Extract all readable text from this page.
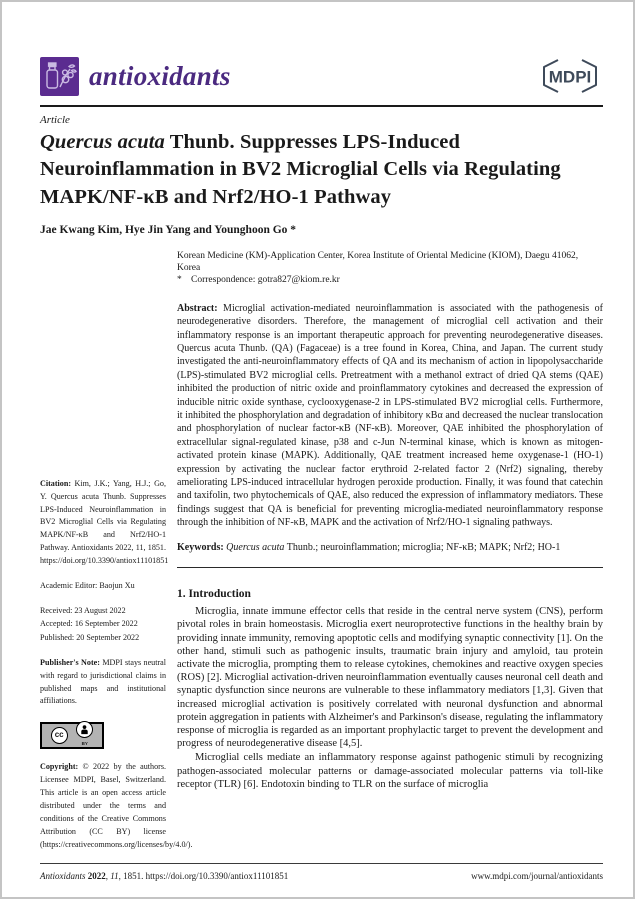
antioxidants	MDPI
Article
Quercus acuta Thunb. Suppresses LPS-Induced Neuroinflammation in BV2 Microglial Cells via Regulating MAPK/NF-κB and Nrf2/HO-1 Pathway
Jae Kwang Kim, Hye Jin Yang and Younghoon Go *
Citation: Kim, J.K.; Yang, H.J.; Go, Y. Quercus acuta Thunb. Suppresses LPS-Induced Neuroinflammation in BV2 Microglial Cells via Regulating MAPK/NF-κB and Nrf2/HO-1 Pathway. Antioxidants 2022, 11, 1851. https://doi.org/10.3390/antiox11101851
Academic Editor: Baojun Xu
Received: 23 August 2022
Accepted: 16 September 2022
Published: 20 September 2022
Publisher's Note: MDPI stays neutral with regard to jurisdictional claims in published maps and institutional affiliations.
cc
BY
Copyright: © 2022 by the authors. Licensee MDPI, Basel, Switzerland. This article is an open access article distributed under the terms and conditions of the Creative Commons Attribution (CC BY) license (https://creativecommons.org/licenses/by/4.0/).
Korean Medicine (KM)-Application Center, Korea Institute of Oriental Medicine (KIOM), Daegu 41062, Korea
* Correspondence: gotra827@kiom.re.kr
Abstract: Microglial activation-mediated neuroinflammation is associated with the pathogenesis of neurodegenerative disorders. Therefore, the management of microglial cell activation and their inflammatory response is an important therapeutic approach for preventing neurodegenerative diseases. Quercus acuta Thunb. (QA) (Fagaceae) is a tree found in Korea, China, and Japan. The current study investigated the anti-neuroinflammatory effects of QA and its mechanism of action in lipopolysaccharide (LPS)-stimulated BV2 microglial cells. Pretreatment with a methanol extract of dried QA stems (QAE) inhibited the production of nitric oxide and proinflammatory cytokines and decreased the expression of inducible nitric oxide synthase, cyclooxygenase-2 in LPS-stimulated BV2 microglial cells. Furthermore, it inhibited the phosphorylation and degradation of inhibitory κBα and decreased the nuclear translocation and phosphorylation of nuclear factor-κB (NF-κB). Moreover, QAE inhibited the phosphorylation of extracellular signal-regulated kinase, p38 and c-Jun N-terminal kinase, which is known as mitogen-activated protein kinase (MAPK). Additionally, QAE treatment increased heme oxygenase-1 (HO-1) expression by activating the nuclear factor erythroid 2-related factor 2 (Nrf2) signaling, thereby ameliorating LPS-induced intracellular hydrogen peroxide production. Finally, it was found that catechin and taxifolin, two phytochemicals of QAE, also reduced the expression of inflammatory mediators. These findings suggest that QA is beneficial for preventing microglia-mediated neuroinflammatory response through the inhibition of NF-κB, MAPK and the activation of Nrf2/HO-1 signaling pathways.
Keywords: Quercus acuta Thunb.; neuroinflammation; microglia; NF-κB; MAPK; Nrf2; HO-1
1. Introduction

Microglia, innate immune effector cells that reside in the central nerve system (CNS), perform pivotal roles in brain homeostasis. Microglia exert neuroprotective functions in the healthy brain by providing innate immunity, removing apoptotic cells and modifying synaptic connectivity [1]. On the other hand, stimuli such as pathogenic insults, traumatic brain injury and amyloid, tau protein activate the microglia, prompting them to release cytokines, chemokines and reactive oxygen species (ROS) [2]. Microglial activation-driven neuroinflammation eventually causes neuronal cell death and synaptic dysfunction since neurons are vulnerable to these inflammatory mediators [1,3]. Given that increased microglial activation is positively correlated with neuronal dysfunction and abnormal protein aggregation in patients with Alzheimer's and Parkinson's disease, regulating the inflammatory response of microglia is regarded as an important prophylactic target to prevent the development and progress of neurodegenerative disease [4,5].

Microglial cells mediate an inflammatory response against pathogenic stimuli by recognizing pathogen-associated molecular patterns or damage-associated molecular patterns via toll-like receptor (TLR) [6]. Endotoxin binding to TLR on the surface of microglia

Antioxidants 2022, 11, 1851. https://doi.org/10.3390/antiox11101851	www.mdpi.com/journal/antioxidants
